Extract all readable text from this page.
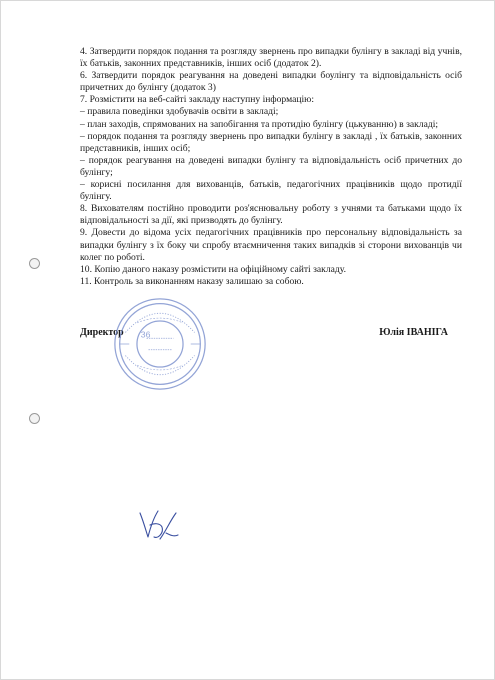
4. Затвердити порядок подання та розгляду звернень про випадки булінгу в закладі від учнів, їх батьків, законних представників, інших осіб (додаток 2).

6. Затвердити порядок реагування на доведені випадки боулінгу та відповідальність осіб причетних до булінгу (додаток 3)

7. Розмістити на веб-сайті закладу наступну інформацію:

– правила поведінки здобувачів освіти в закладі;

– план заходів, спрямованих на запобігання та протидію булінгу (цькуванню) в закладі;

– порядок подання та розгляду звернень про випадки булінгу в закладі , їх батьків, законних представників, інших осіб;

– порядок реагування на доведені випадки булінгу та відповідальність осіб причетних до булінгу;

– корисні посилання для вихованців, батьків, педагогічних працівників щодо протидії булінгу.

8. Вихователям постійно проводити роз'яснювальну роботу з учнями та батьками щодо їх відповідальності за дії, які призводять до булінгу.

9. Довести до відома усіх педагогічних працівників про персональну відповідальність за випадки булінгу з їх боку чи спробу втаємничення таких випадків зі сторони вихованців чи колег по роботі.

10. Копію даного наказу розмістити на офіційному сайті закладу.

11. Контроль за виконанням наказу залишаю за собою.

Директор	Юлія ІВАНІГА
36
